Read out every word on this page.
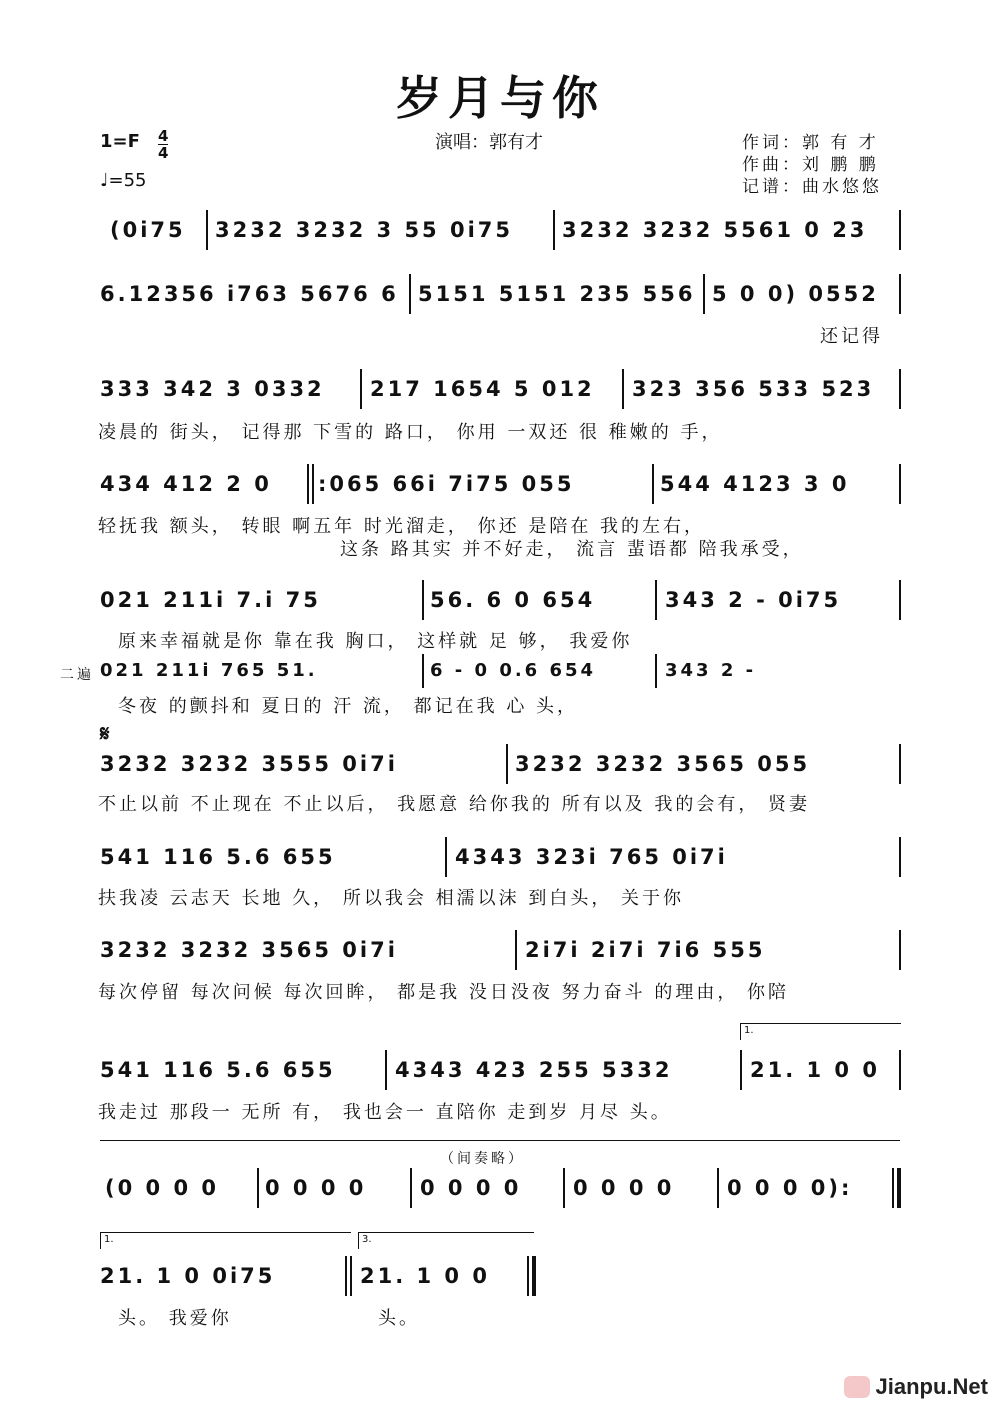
岁月与你
1=F 4
4
♩=55
演唱：郭有才	作词：郭 有 才
作曲：刘 鹏 鹏
记谱：曲水悠悠
(0i75 3232 3232 3 55 0i75 3232 3232 5561 0 23
6.12356 i763 5676 6 5151 5151 235 556 5 0 0) 0552
还记得
333 342 3 0332 217 1654 5 012 323 356 533 523
凌晨的 街头， 记得那 下雪的 路口， 你用 一双还 很 稚嫩的 手，
434 412 2 0 :065 66i 7i75 055	544 4123 3 0
轻抚我 额头， 转眼 啊五年 时光溜走， 你还 是陪在 我的左右，
这条 路其实 并不好走， 流言 蜚语都 陪我承受，
021 211i 7.i 75	56. 6 0 654	343 2 - 0i75
原来幸福就是你 靠在我 胸口， 这样就 足 够， 我爱你
二遍 021 211i 765 51.	6 - 0 0.6 654	343 2 -
冬夜 的颤抖和 夏日的 汗 流， 都记在我 心 头，
𝄋
3232 3232 3555 0i7i	3232 3232 3565 055
不止以前 不止现在 不止以后， 我愿意 给你我的 所有以及 我的会有， 贤妻
541 116 5.6 655	4343 323i 765 0i7i
扶我凌 云志天 长地 久， 所以我会 相濡以沫 到白头， 关于你
3232 3232 3565 0i7i	2i7i 2i7i 7i6 555
每次停留 每次问候 每次回眸， 都是我 没日没夜 努力奋斗 的理由， 你陪
1.
541 116 5.6 655	4343 423 255 5332	21. 1 0 0
我走过 那段一 无所 有， 我也会一 直陪你 走到岁 月尽 头。
（间奏略）
(0 0 0 0 0 0 0 0	0 0 0 0 0 0 0 0	0 0 0 0):
1.	3.
21. 1 0 0i75	21. 1 0 0
头。 我爱你	头。
Jianpu.Net
